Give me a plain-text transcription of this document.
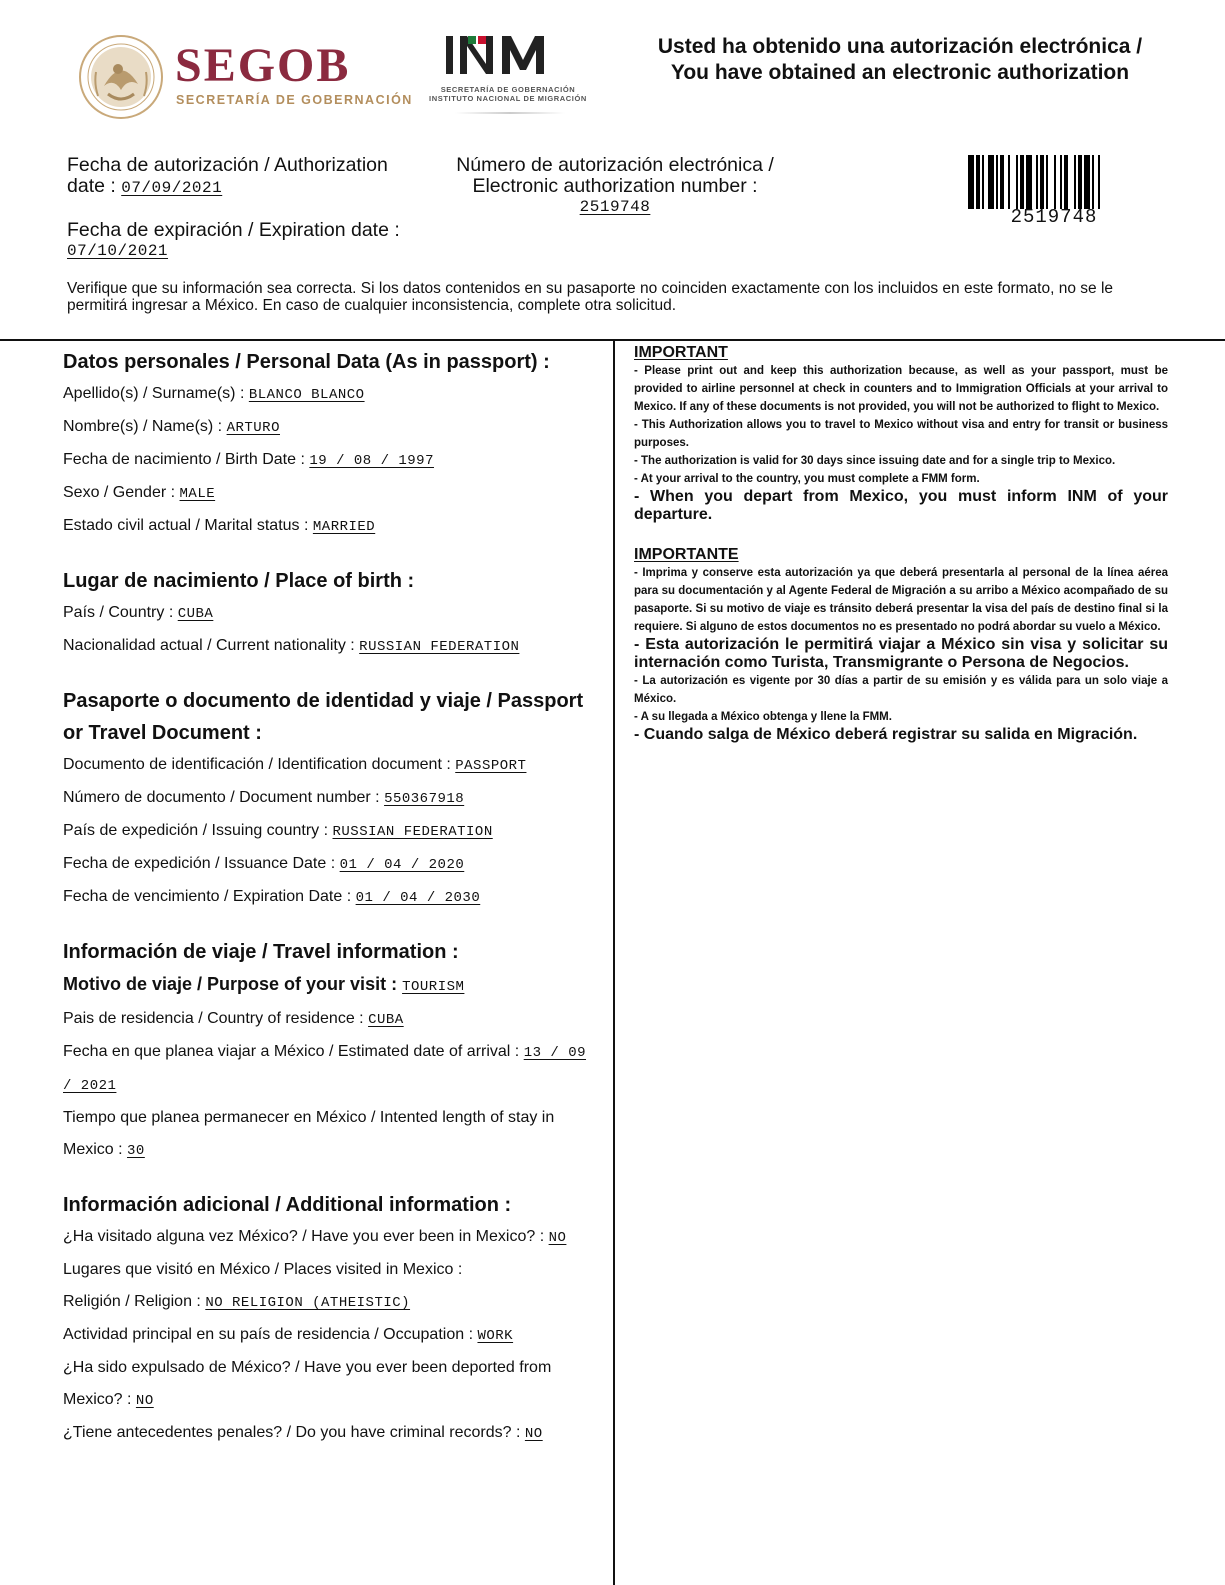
SEGOB
SECRETARÍA DE GOBERNACIÓN
SECRETARÍA DE GOBERNACIÓN
INSTITUTO NACIONAL DE MIGRACIÓN
Usted ha obtenido una autorización electrónica /
You have obtained an electronic authorization
Fecha de autorización / Authorization date : 07/09/2021
Número de autorización electrónica / Electronic authorization number :
2519748
Fecha de expiración / Expiration date :
07/10/2021
2519748
Verifique que su información sea correcta. Si los datos contenidos en su pasaporte no coinciden exactamente con los incluidos en este formato, no se le permitirá ingresar a México. En caso de cualquier inconsistencia, complete otra solicitud.
Datos personales / Personal Data (As in passport) :
Apellido(s) / Surname(s) : BLANCO BLANCO
Nombre(s) / Name(s) : ARTURO
Fecha de nacimiento / Birth Date : 19 / 08 / 1997
Sexo / Gender : MALE
Estado civil actual / Marital status : MARRIED
Lugar de nacimiento / Place of birth :
País / Country : CUBA
Nacionalidad actual / Current nationality : RUSSIAN FEDERATION
Pasaporte o documento de identidad y viaje / Passport or Travel Document :
Documento de identificación / Identification document : PASSPORT
Número de documento / Document number : 550367918
País de expedición / Issuing country : RUSSIAN FEDERATION
Fecha de expedición / Issuance Date : 01 / 04 / 2020
Fecha de vencimiento / Expiration Date : 01 / 04 / 2030
Información de viaje / Travel information :
Motivo de viaje / Purpose of your visit : TOURISM
Pais de residencia / Country of residence : CUBA
Fecha en que planea viajar a México / Estimated date of arrival : 13 / 09
/ 2021
Tiempo que planea permanecer en México / Intented length of stay in Mexico : 30
Información adicional / Additional information :
¿Ha visitado alguna vez México? / Have you ever been in Mexico? : NO
Lugares que visitó en México / Places visited in Mexico :
Religión / Religion : NO RELIGION (ATHEISTIC)
Actividad principal en su país de residencia / Occupation : WORK
¿Ha sido expulsado de México? / Have you ever been deported from
Mexico? : NO
¿Tiene antecedentes penales? / Do you have criminal records? : NO
IMPORTANT
- Please print out and keep this authorization because, as well as your passport, must be provided to airline personnel at check in counters and to Immigration Officials at your arrival to Mexico. If any of these documents is not provided, you will not be authorized to flight to Mexico.
- This Authorization allows you to travel to Mexico without visa and entry for transit or business purposes.
- The authorization is valid for 30 days since issuing date and for a single trip to Mexico.
- At your arrival to the country, you must complete a FMM form.
- When you depart from Mexico, you must inform INM of your departure.
IMPORTANTE
- Imprima y conserve esta autorización ya que deberá presentarla al personal de la línea aérea para su documentación y al Agente Federal de Migración a su arribo a México acompañado de su pasaporte. Si su motivo de viaje es tránsito deberá presentar la visa del país de destino final si la requiere. Si alguno de estos documentos no es presentado no podrá abordar su vuelo a México.
- Esta autorización le permitirá viajar a México sin visa y solicitar su internación como Turista, Transmigrante o Persona de Negocios.
- La autorización es vigente por 30 días a partir de su emisión y es válida para un solo viaje a México.
- A su llegada a México obtenga y llene la FMM.
- Cuando salga de México deberá registrar su salida en Migración.
